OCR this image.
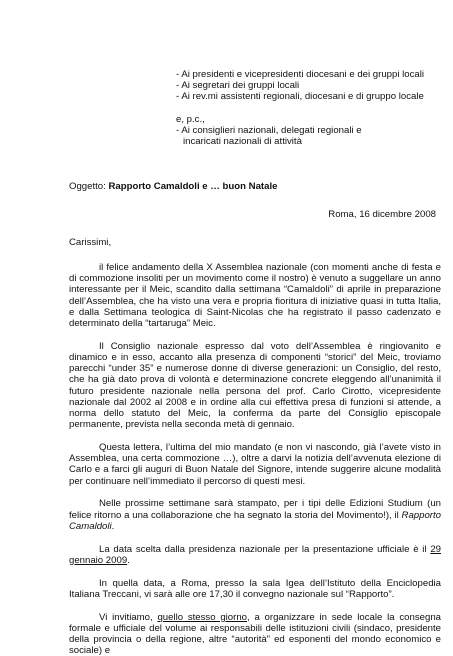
- Ai presidenti e vicepresidenti diocesani e dei gruppi locali
- Ai segretari dei gruppi locali
- Ai rev.mi assistenti regionali, diocesani e di gruppo locale
e, p.c.,
- Ai consiglieri nazionali, delegati regionali e
incaricati nazionali di attività
Oggetto: Rapporto Camaldoli e … buon Natale
Roma, 16 dicembre 2008
Carissimi,

il felice andamento della X Assemblea nazionale (con momenti anche di festa e di commozione insoliti per un movimento come il nostro) è venuto a suggellare un anno interessante per il Meic, scandito dalla settimana “Camaldoli” di aprile in preparazione dell’Assemblea, che ha visto una vera e propria fioritura di iniziative quasi in tutta Italia, e dalla Settimana teologica di Saint-Nicolas che ha registrato il passo cadenzato e determinato della “tartaruga” Meic.

Il Consiglio nazionale espresso dal voto dell’Assemblea è ringiovanito e dinamico e in esso, accanto alla presenza di componenti “storici” del Meic, troviamo parecchi “under 35” e numerose donne di diverse generazioni: un Consiglio, del resto, che ha già dato prova di volontà e determinazione concrete eleggendo all’unanimità il futuro presidente nazionale nella persona del prof. Carlo Cirotto, vicepresidente nazionale dal 2002 al 2008 e in ordine alla cui effettiva presa di funzioni si attende, a norma dello statuto del Meic, la conferma da parte del Consiglio episcopale permanente, prevista nella seconda metà di gennaio.

Questa lettera, l’ultima del mio mandato (e non vi nascondo, già l’avete visto in Assemblea, una certa commozione …), oltre a darvi la notizia dell’avvenuta elezione di Carlo e a farci gli auguri di Buon Natale del Signore, intende suggerire alcune modalità per continuare nell’immediato il percorso di questi mesi.

Nelle prossime settimane sarà stampato, per i tipi delle Edizioni Studium (un felice ritorno a una collaborazione che ha segnato la storia del Movimento!), il Rapporto Camaldoli.

La data scelta dalla presidenza nazionale per la presentazione ufficiale è il 29 gennaio 2009.

In quella data, a Roma, presso la sala Igea dell’Istituto della Enciclopedia Italiana Treccani, vi sarà alle ore 17,30 il convegno nazionale sul “Rapporto”.

Vi invitiamo, quello stesso giorno, a organizzare in sede locale la consegna formale e ufficiale del volume ai responsabili delle istituzioni civili (sindaco, presidente della provincia o della regione, altre “autorità” ed esponenti del mondo economico e sociale) e
